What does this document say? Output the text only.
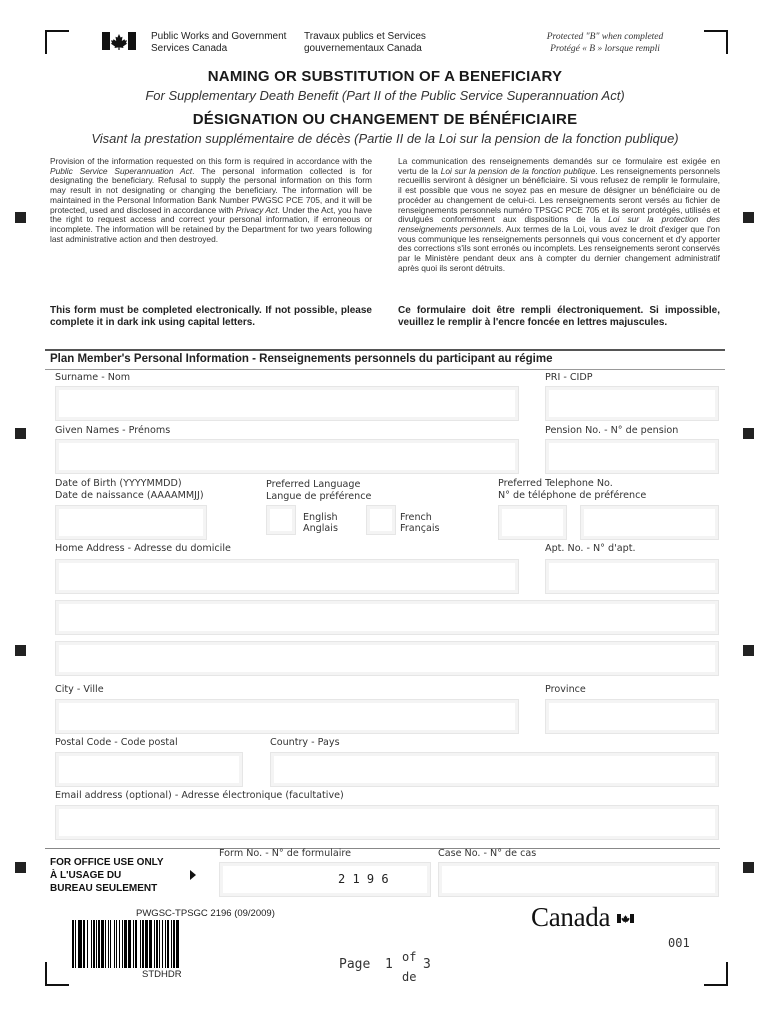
Public Works and Government
Services Canada
Travaux publics et Services
gouvernementaux Canada
Protected "B" when completed
Protégé « B » lorsque rempli
NAMING OR SUBSTITUTION OF A BENEFICIARY
For Supplementary Death Benefit (Part II of the Public Service Superannuation Act)
DÉSIGNATION OU CHANGEMENT DE BÉNÉFICIAIRE
Visant la prestation supplémentaire de décès (Partie II de la Loi sur la pension de la fonction publique)
Provision of the information requested on this form is required in accordance with the Public Service Superannuation Act. The personal information collected is for designating the beneficiary. Refusal to supply the personal information on this form may result in not designating or changing the beneficiary. The information will be maintained in the Personal Information Bank Number PWGSC PCE 705, and it will be protected, used and disclosed in accordance with Privacy Act. Under the Act, you have the right to request access and correct your personal information, if erroneous or incomplete. The information will be retained by the Department for two years following last administrative action and then destroyed.
La communication des renseignements demandés sur ce formulaire est exigée en vertu de la Loi sur la pension de la fonction publique. Les renseignements personnels recueillis serviront à désigner un bénéficiaire. Si vous refusez de remplir le formulaire, il est possible que vous ne soyez pas en mesure de désigner un bénéficiaire ou de procéder au changement de celui-ci. Les renseignements seront versés au fichier de renseignements personnels numéro TPSGC PCE 705 et ils seront protégés, utilisés et divulgués conformément aux dispositions de la Loi sur la protection des renseignements personnels. Aux termes de la Loi, vous avez le droit d'exiger que l'on vous communique les renseignements personnels qui vous concernent et d'y apporter des corrections s'ils sont erronés ou incomplets. Les renseignements seront conservés par le Ministère pendant deux ans à compter du dernier changement administratif après quoi ils seront détruits.
This form must be completed electronically. If not possible, please complete it in dark ink using capital letters.
Ce formulaire doit être rempli électroniquement. Si impossible, veuillez le remplir à l'encre foncée en lettres majuscules.
Plan Member's Personal Information - Renseignements personnels du participant au régime
Surname - Nom	PRI - CIDP
Given Names - Prénoms	Pension No. - N° de pension
Date of Birth (YYYYMMDD)
Date de naissance (AAAAMMJJ)
Preferred Language
Langue de préférence
Preferred Telephone No.
N° de téléphone de préférence
English
Anglais
French
Français
Home Address - Adresse du domicile	Apt. No. - N° d'apt.
City - Ville	Province
Postal Code - Code postal	Country - Pays
Email address (optional) - Adresse électronique (facultative)
FOR OFFICE USE ONLY
À L'USAGE DU
BUREAU SEULEMENT
Form No. - N° de formulaire	Case No. - N° de cas
2 1 9 6
PWGSC-TPSGC 2196 (09/2009)
STDHDR
Canada
001
Page 1 of
de
3
